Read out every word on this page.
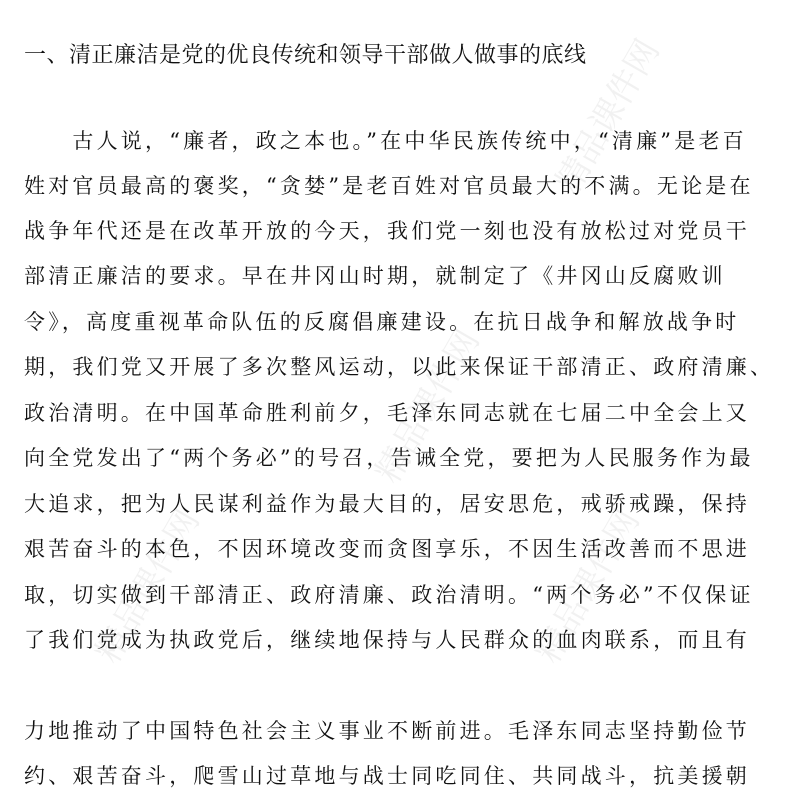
精品课件网
精品课件网
精品课件网	精品课件网
一、清正廉洁是党的优良传统和领导干部做人做事的底线
　　古人说，“廉者，政之本也。”在中华民族传统中，“清廉”是老百
姓对官员最高的褒奖，“贪婪”是老百姓对官员最大的不满。无论是在
战争年代还是在改革开放的今天，我们党一刻也没有放松过对党员干
部清正廉洁的要求。早在井冈山时期，就制定了《井冈山反腐败训
令》，高度重视革命队伍的反腐倡廉建设。在抗日战争和解放战争时
期，我们党又开展了多次整风运动，以此来保证干部清正、政府清廉、
政治清明。在中国革命胜利前夕，毛泽东同志就在七届二中全会上又
向全党发出了“两个务必”的号召，告诫全党，要把为人民服务作为最
大追求，把为人民谋利益作为最大目的，居安思危，戒骄戒躁，保持
艰苦奋斗的本色，不因环境改变而贪图享乐，不因生活改善而不思进
取，切实做到干部清正、政府清廉、政治清明。“两个务必”不仅保证
了我们党成为执政党后，继续地保持与人民群众的血肉联系，而且有
力地推动了中国特色社会主义事业不断前进。毛泽东同志坚持勤俭节
约、艰苦奋斗，爬雪山过草地与战士同吃同住、共同战斗，抗美援朝
